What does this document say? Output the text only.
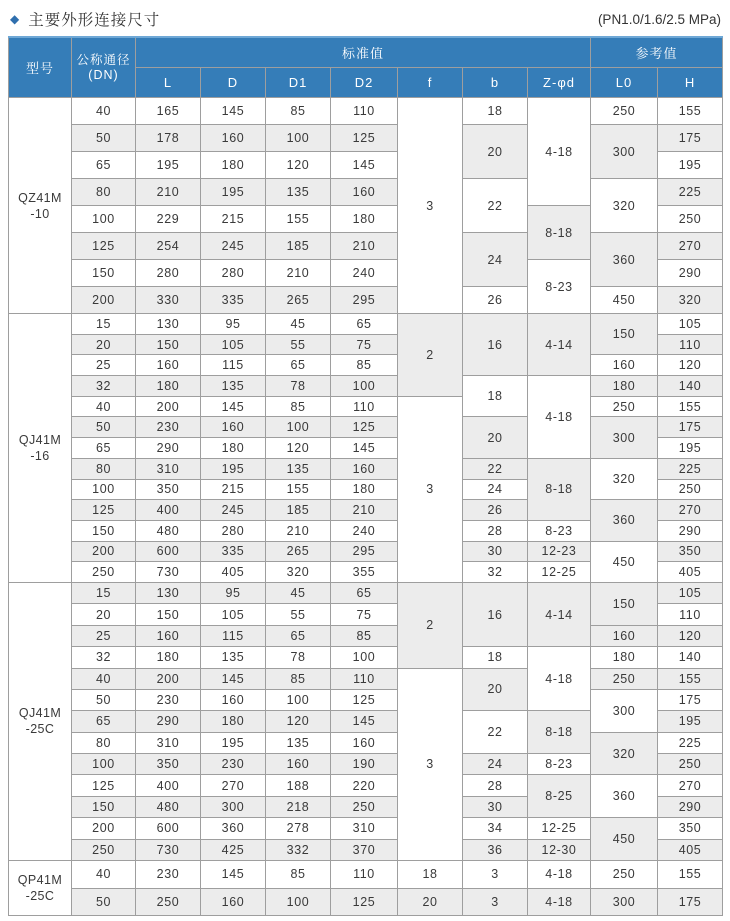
◆ 主要外形连接尺寸	(PN1.0/1.6/2.5 MPa)
型号	公称通径
(DN)	标准值							参考值	
		L	D	D1	D2	f	b	Z-φd	L0	H

QZ41M
-10	40	165	145	85	110	3	18	4-18	250	155
	50	178	160	100	125		20		300	175
	65	195	180	120	145					195
	80	210	195	135	160		22		320	225
	100	229	215	155	180			8-18		250
	125	254	245	185	210		24		360	270
	150	280	280	210	240			8-23		290
	200	330	335	265	295		26		450	320

QJ41M
-16	15	130	95	45	65	2	16	4-14	150	105
	20	150	105	55	75					110
	25	160	115	65	85				160	120
	32	180	135	78	100		18	4-18	180	140
	40	200	145	85	110	3			250	155
	50	230	160	100	125		20		300	175
	65	290	180	120	145					195
	80	310	195	135	160		22	8-18	320	225
	100	350	215	155	180		24			250
	125	400	245	185	210		26		360	270
	150	480	280	210	240		28	8-23		290
	200	600	335	265	295		30	12-23	450	350
	250	730	405	320	355		32	12-25		405

QJ41M
-25C	15	130	95	45	65	2	16	4-14	150	105
	20	150	105	55	75					110
	25	160	115	65	85				160	120
	32	180	135	78	100		18	4-18	180	140
	40	200	145	85	110	3	20		250	155
	50	230	160	100	125				300	175
	65	290	180	120	145		22	8-18		195
	80	310	195	135	160				320	225
	100	350	230	160	190		24	8-23		250
	125	400	270	188	220		28	8-25	360	270
	150	480	300	218	250		30			290
	200	600	360	278	310		34	12-25	450	350
	250	730	425	332	370		36	12-30		405

QP41M
-25C	40	230	145	85	110	18	3	4-18	250	155
	50	250	160	100	125	20	3	4-18	300	175
